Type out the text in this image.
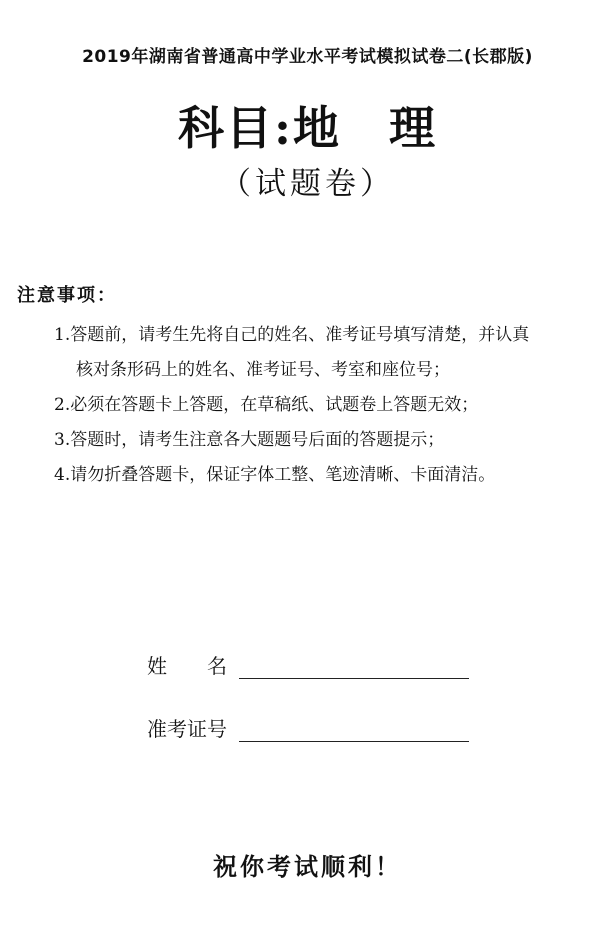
2019年湖南省普通高中学业水平考试模拟试卷二(长郡版)
科目:地　理
（试题卷）
注意事项：
1.答题前，请考生先将自己的姓名、准考证号填写清楚，并认真
核对条形码上的姓名、准考证号、考室和座位号；
2.必须在答题卡上答题，在草稿纸、试题卷上答题无效；
3.答题时，请考生注意各大题题号后面的答题提示；
4.请勿折叠答题卡，保证字体工整、笔迹清晰、卡面清洁。
姓　　名
准考证号
祝你考试顺利！
